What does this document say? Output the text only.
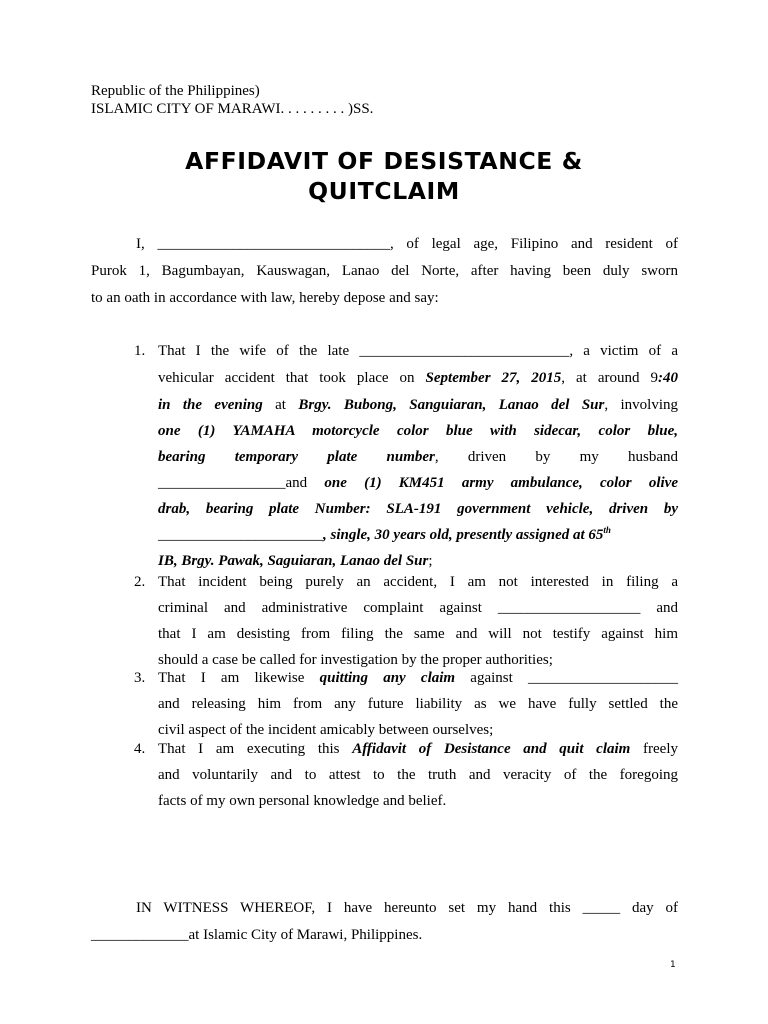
Republic of the Philippines)
ISLAMIC CITY OF MARAWI. . . . . . . . . )SS.
AFFIDAVIT OF DESISTANCE &
QUITCLAIM
I, _______________________________, of legal age, Filipino and resident of
Purok 1, Bagumbayan, Kauswagan, Lanao del Norte, after having been duly sworn
to an oath in accordance with law, hereby depose and say:
1. That I the wife of the late ____________________________, a victim of a
vehicular accident that took place on September 27, 2015, at around 9:40
in the evening at Brgy. Bubong, Sanguiaran, Lanao del Sur, involving
one (1) YAMAHA motorcycle color blue with sidecar, color blue,
bearing temporary plate number, driven by my husband
_________________and one (1) KM451 army ambulance, color olive
drab, bearing plate Number: SLA-191 government vehicle, driven by
______________________, single, 30 years old, presently assigned at 65th
IB, Brgy. Pawak, Saguiaran, Lanao del Sur;
2. That incident being purely an accident, I am not interested in filing a
criminal and administrative complaint against ___________________ and
that I am desisting from filing the same and will not testify against him
should a case be called for investigation by the proper authorities;
3. That I am likewise quitting any claim against ____________________
and releasing him from any future liability as we have fully settled the
civil aspect of the incident amicably between ourselves;
4. That I am executing this Affidavit of Desistance and quit claim freely
and voluntarily and to attest to the truth and veracity of the foregoing
facts of my own personal knowledge and belief.
IN WITNESS WHEREOF, I have hereunto set my hand this _____ day of
_____________at Islamic City of Marawi, Philippines.
1
